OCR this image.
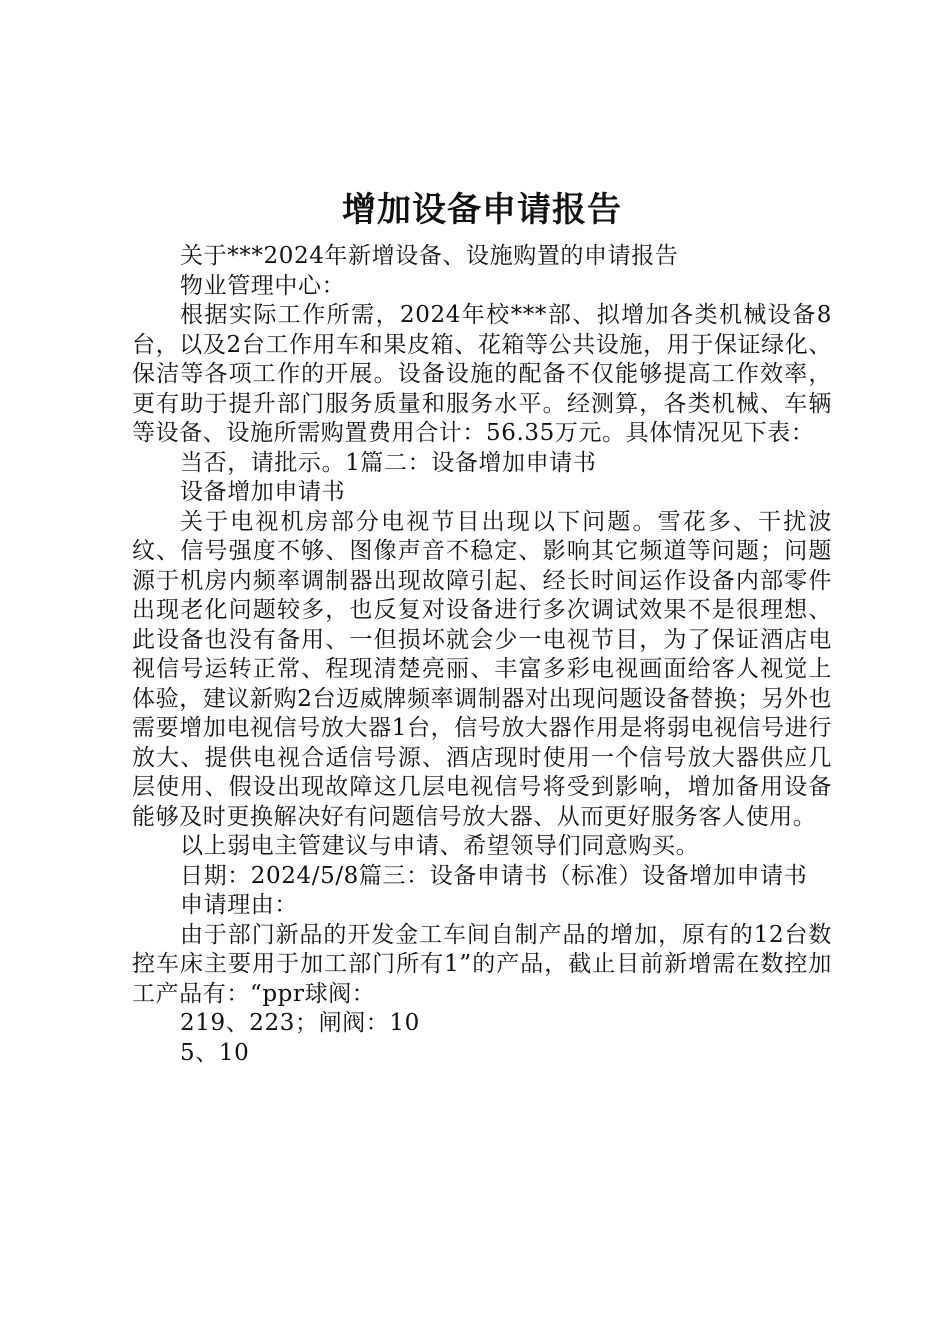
增加设备申请报告

关于***2024年新增设备、设施购置的申请报告

物业管理中心：

根据实际工作所需，2024年校***部、拟增加各类机械设备8台，以及2台工作用车和果皮箱、花箱等公共设施，用于保证绿化、保洁等各项工作的开展。设备设施的配备不仅能够提高工作效率，更有助于提升部门服务质量和服务水平。经测算，各类机械、车辆等设备、设施所需购置费用合计：56.35万元。具体情况见下表：

当否，请批示。1篇二：设备增加申请书

设备增加申请书

关于电视机房部分电视节目出现以下问题。雪花多、干扰波纹、信号强度不够、图像声音不稳定、影响其它频道等问题；问题源于机房内频率调制器出现故障引起、经长时间运作设备内部零件出现老化问题较多，也反复对设备进行多次调试效果不是很理想、此设备也没有备用、一但损坏就会少一电视节目，为了保证酒店电视信号运转正常、程现清楚亮丽、丰富多彩电视画面给客人视觉上体验，建议新购2台迈威牌频率调制器对出现问题设备替换；另外也需要增加电视信号放大器1台，信号放大器作用是将弱电视信号进行放大、提供电视合适信号源、酒店现时使用一个信号放大器供应几层使用、假设出现故障这几层电视信号将受到影响，增加备用设备能够及时更换解决好有问题信号放大器、从而更好服务客人使用。

以上弱电主管建议与申请、希望领导们同意购买。

日期：2024/5/8篇三：设备申请书（标准）设备增加申请书

申请理由：

由于部门新品的开发金工车间自制产品的增加，原有的12台数控车床主要用于加工部门所有1”的产品，截止目前新增需在数控加工产品有：“ppr球阀：

219、223；闸阀：10

5、10
